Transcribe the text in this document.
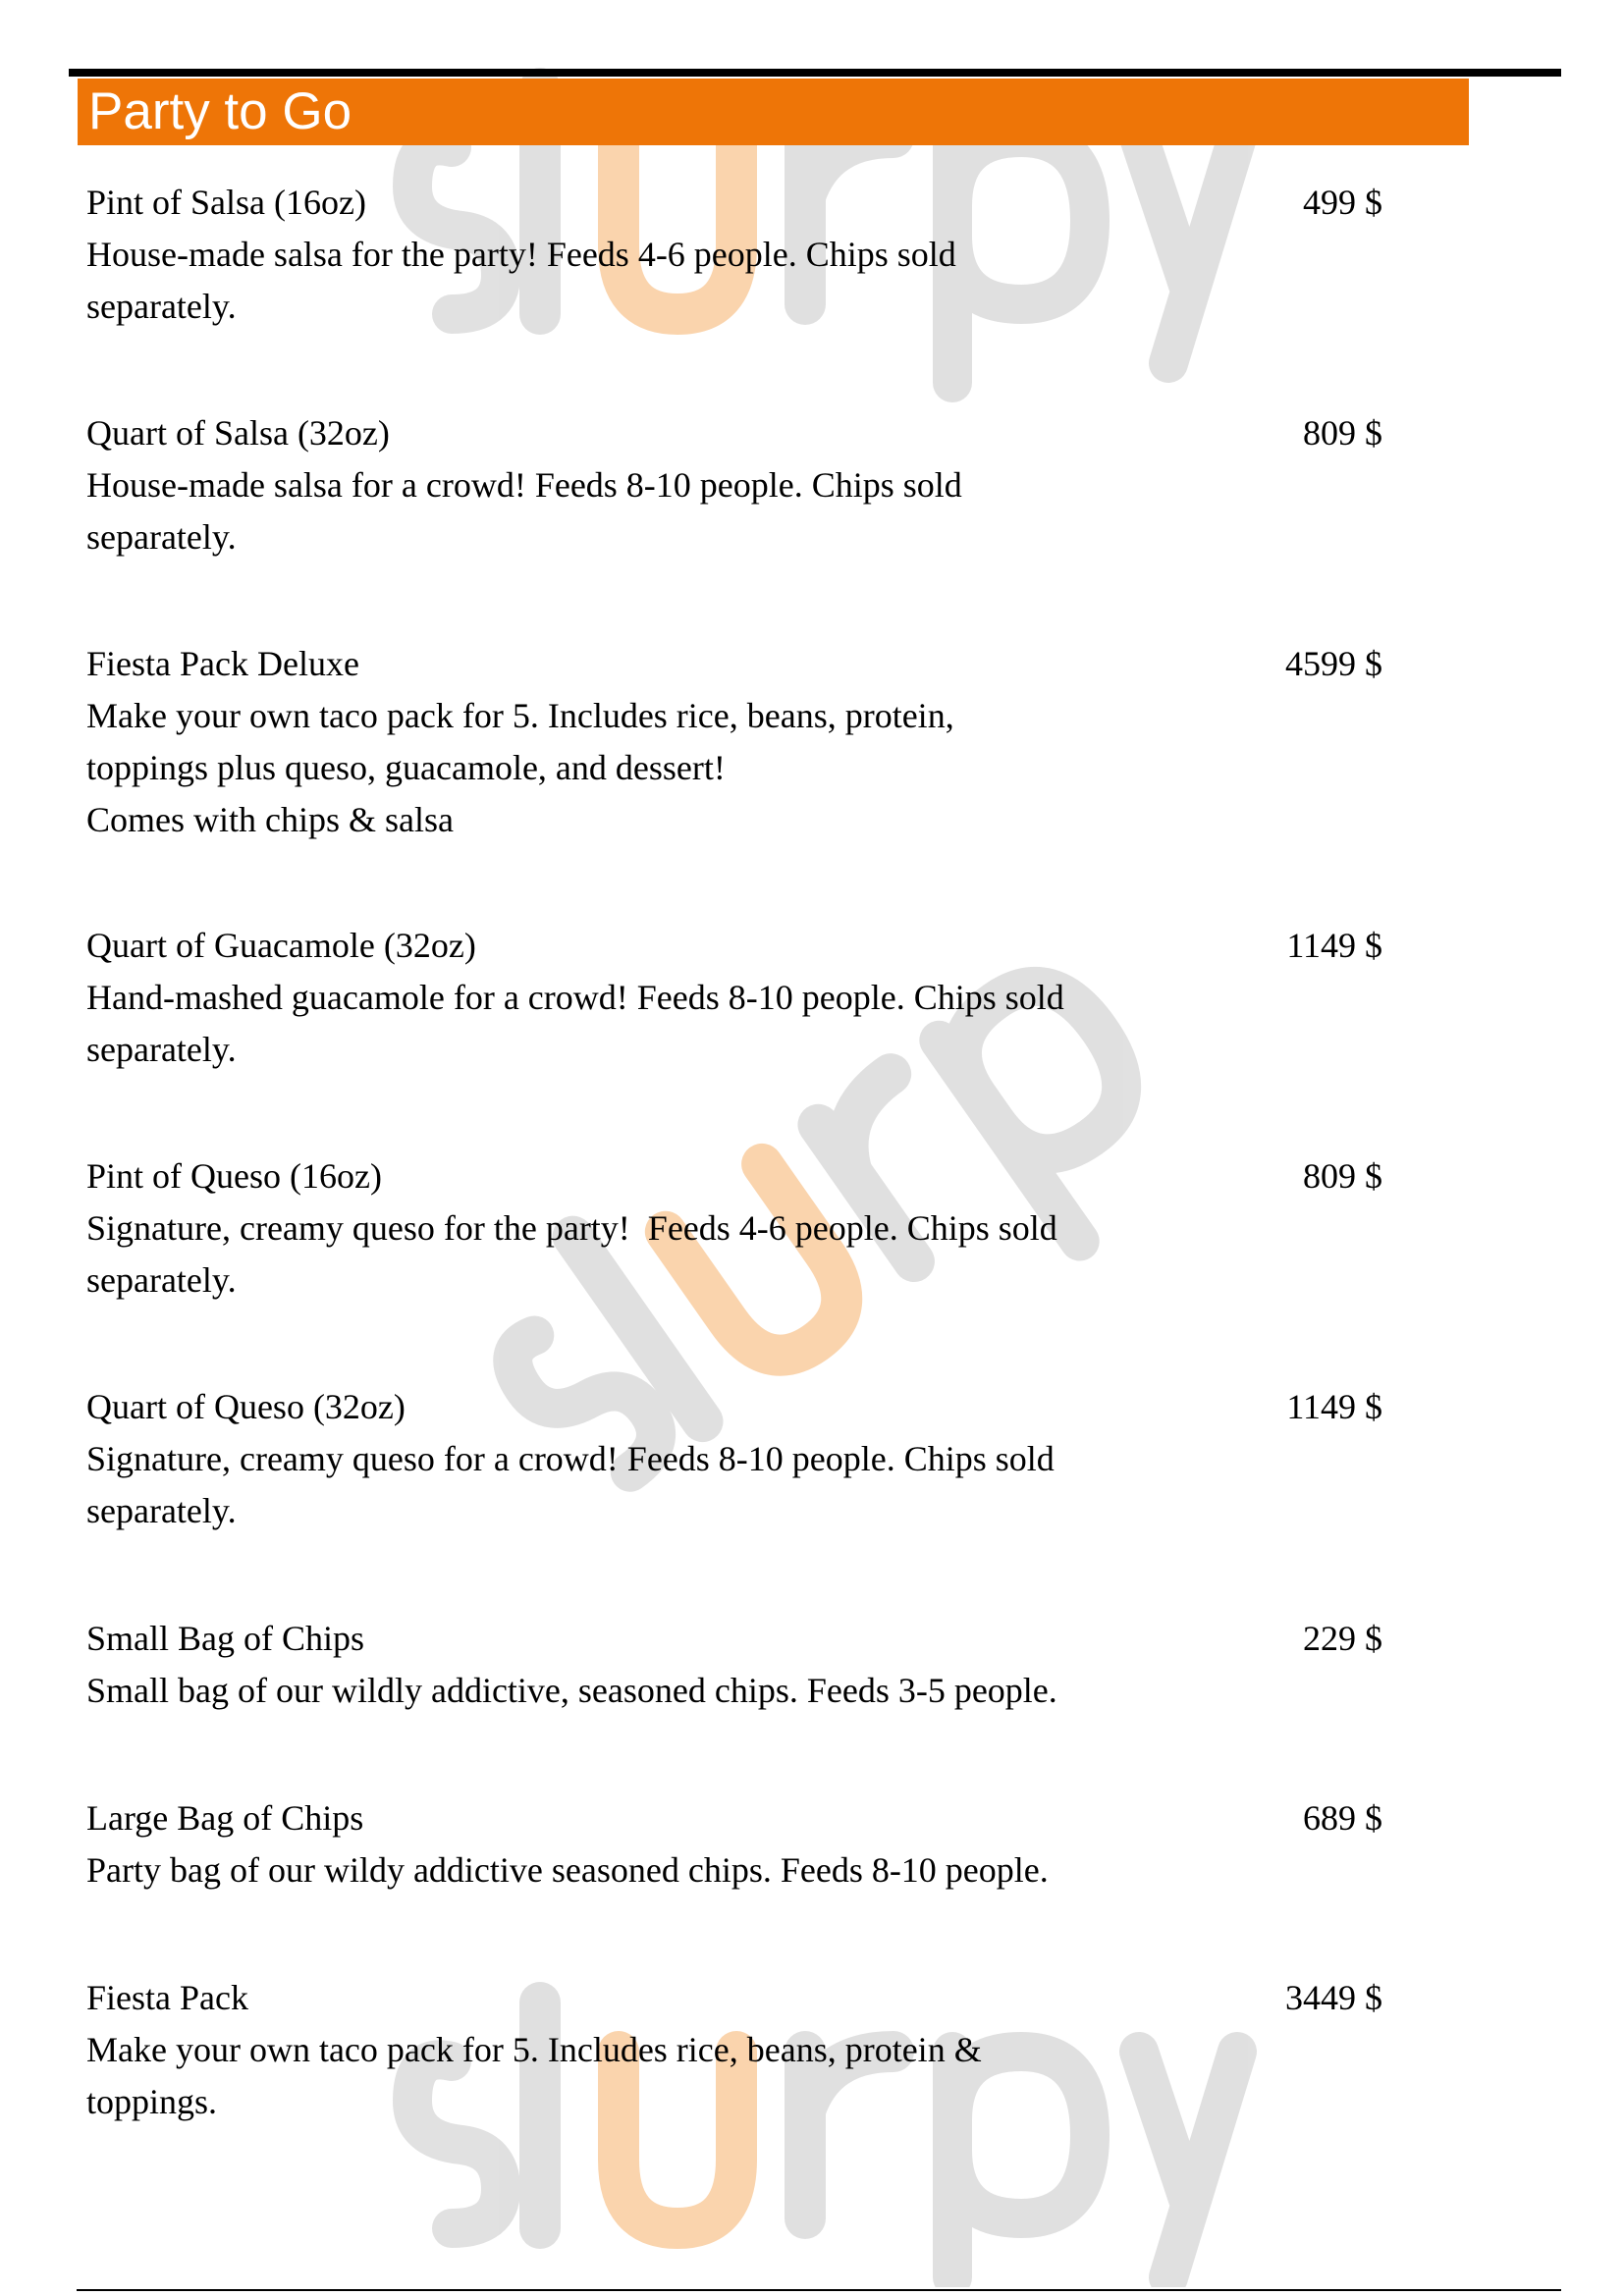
Party to Go
Pint of Salsa (16oz)	499 $
House-made salsa for the party! Feeds 4-6 people. Chips sold
separately.
Quart of Salsa (32oz)	809 $
House-made salsa for a crowd! Feeds 8-10 people. Chips sold
separately.
Fiesta Pack Deluxe	4599 $
Make your own taco pack for 5. Includes rice, beans, protein,
toppings plus queso, guacamole, and dessert!
Comes with chips & salsa
Quart of Guacamole (32oz)	1149 $
Hand-mashed guacamole for a crowd! Feeds 8-10 people. Chips sold
separately.
Pint of Queso (16oz)	809 $
Signature, creamy queso for the party!  Feeds 4-6 people. Chips sold
separately.
Quart of Queso (32oz)	1149 $
Signature, creamy queso for a crowd! Feeds 8-10 people. Chips sold
separately.
Small Bag of Chips	229 $
Small bag of our wildly addictive, seasoned chips. Feeds 3-5 people.
Large Bag of Chips	689 $
Party bag of our wildy addictive seasoned chips. Feeds 8-10 people.
Fiesta Pack	3449 $
Make your own taco pack for 5. Includes rice, beans, protein &
toppings.
